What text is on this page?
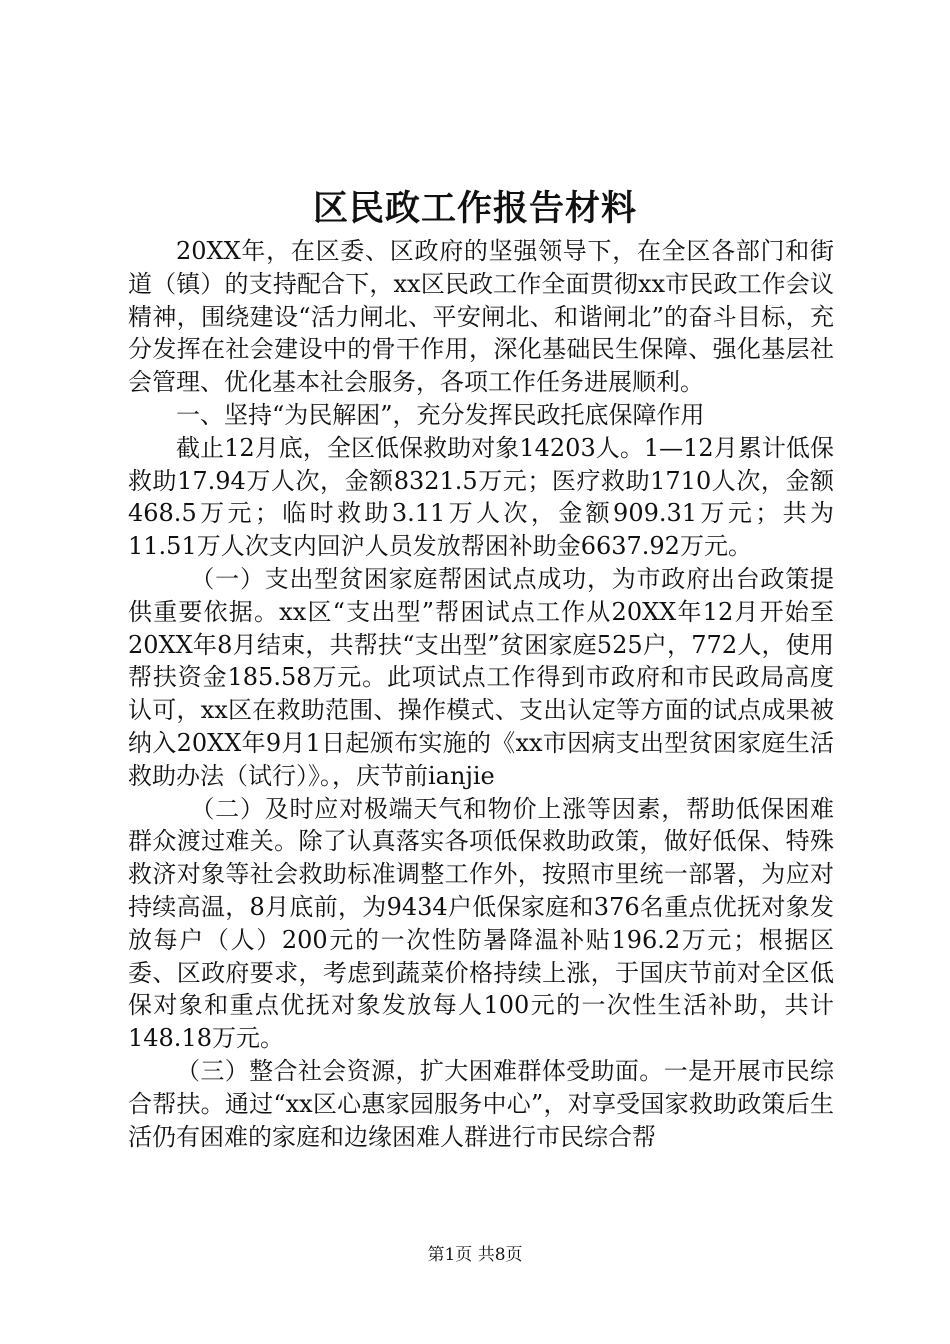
区民政工作报告材料

20XX年，在区委、区政府的坚强领导下，在全区各部门和街道（镇）的支持配合下，xx区民政工作全面贯彻xx市民政工作会议精神，围绕建设“活力闸北、平安闸北、和谐闸北”的奋斗目标，充分发挥在社会建设中的骨干作用，深化基础民生保障、强化基层社会管理、优化基本社会服务，各项工作任务进展顺利。

一、坚持“为民解困”，充分发挥民政托底保障作用

截止12月底，全区低保救助对象14203人。1—12月累计低保救助17.94万人次，金额8321.5万元；医疗救助1710人次，金额468.5万元；临时救助3.11万人次，金额909.31万元；共为11.51万人次支内回沪人员发放帮困补助金6637.92万元。

（一）支出型贫困家庭帮困试点成功，为市政府出台政策提供重要依据。xx区“支出型”帮困试点工作从20XX年12月开始至20XX年8月结束，共帮扶“支出型”贫困家庭525户，772人，使用帮扶资金185.58万元。此项试点工作得到市政府和市民政局高度认可，xx区在救助范围、操作模式、支出认定等方面的试点成果被纳入20XX年9月1日起颁布实施的《xx市因病支出型贫困家庭生活救助办法（试行）》。，庆节前ianjie

（二）及时应对极端天气和物价上涨等因素，帮助低保困难群众渡过难关。除了认真落实各项低保救助政策，做好低保、特殊救济对象等社会救助标准调整工作外，按照市里统一部署，为应对持续高温，8月底前，为9434户低保家庭和376名重点优抚对象发放每户（人）200元的一次性防暑降温补贴196.2万元；根据区委、区政府要求，考虑到蔬菜价格持续上涨，于国庆节前对全区低保对象和重点优抚对象发放每人100元的一次性生活补助，共计148.18万元。

（三）整合社会资源，扩大困难群体受助面。一是开展市民综合帮扶。通过“xx区心惠家园服务中心”，对享受国家救助政策后生活仍有困难的家庭和边缘困难人群进行市民综合帮

第1页 共8页
